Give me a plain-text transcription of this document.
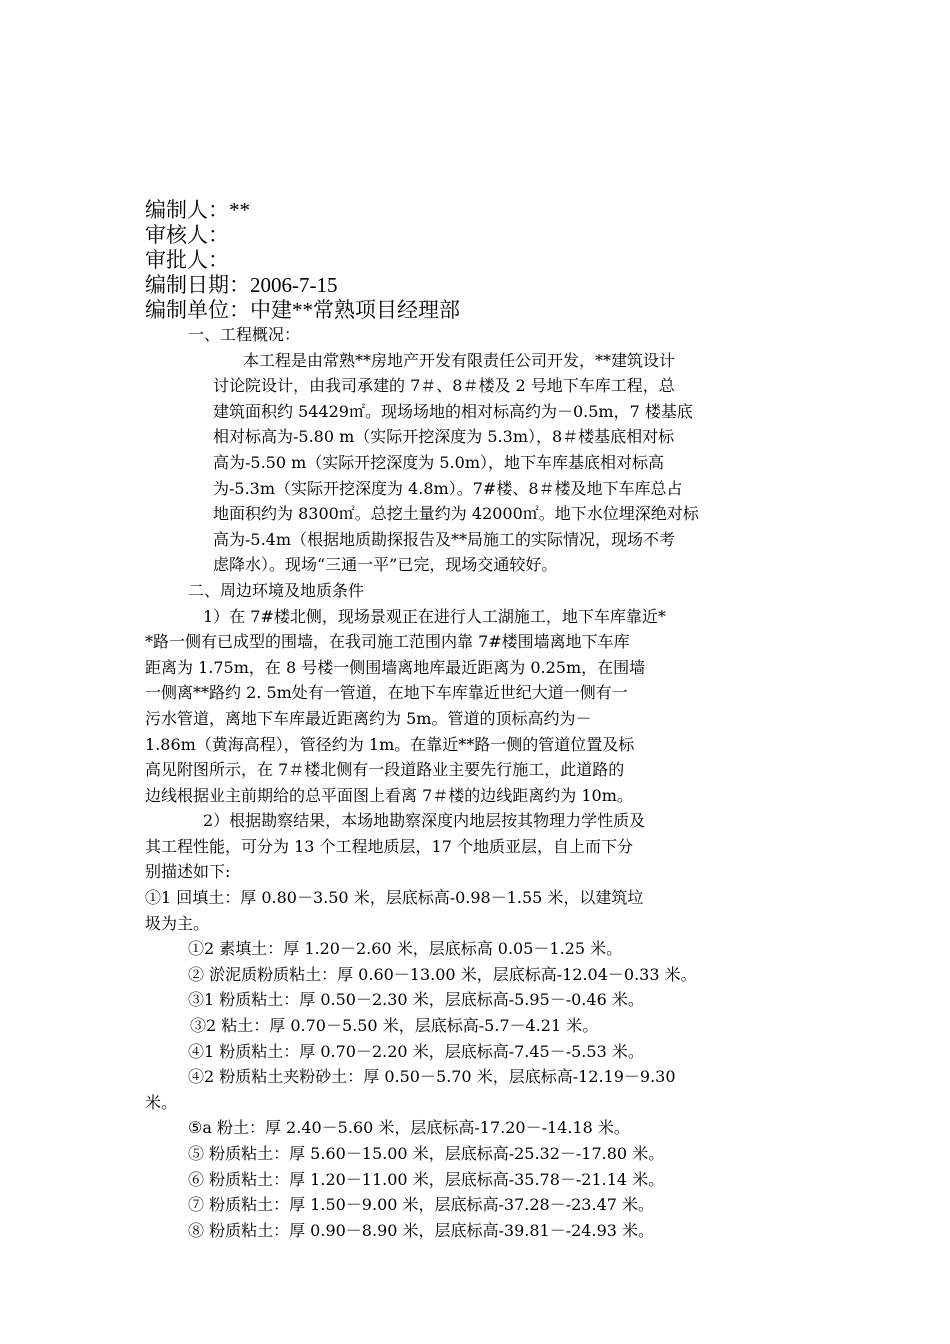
编制人：**
审核人：
审批人：
编制日期：2006-7-15
编制单位：中建**常熟项目经理部
一、工程概况：
本工程是由常熟**房地产开发有限责任公司开发，**建筑设计
讨论院设计，由我司承建的 7＃、8＃楼及 2 号地下车库工程，总
建筑面积约 54429㎡。现场场地的相对标高约为－0.5m，7 楼基底
相对标高为-5.80 m（实际开挖深度为 5.3m），8＃楼基底相对标
高为-5.50 m（实际开挖深度为 5.0m），地下车库基底相对标高
为-5.3m（实际开挖深度为 4.8m）。7#楼、8＃楼及地下车库总占
地面积约为 8300㎡。总挖土量约为 42000㎡。地下水位埋深绝对标
高为-5.4m（根据地质勘探报告及**局施工的实际情况，现场不考
虑降水）。现场“三通一平”已完，现场交通较好。
二、周边环境及地质条件
1）在 7#楼北侧，现场景观正在进行人工湖施工，地下车库靠近*
*路一侧有已成型的围墙，在我司施工范围内靠 7#楼围墙离地下车库
距离为 1.75m，在 8 号楼一侧围墙离地库最近距离为 0.25m，在围墙
一侧离**路约 2. 5m处有一管道，在地下车库靠近世纪大道一侧有一
污水管道，离地下车库最近距离约为 5m。管道的顶标高约为－
1.86m（黄海高程），管径约为 1m。在靠近**路一侧的管道位置及标
高见附图所示，在 7＃楼北侧有一段道路业主要先行施工，此道路的
边线根据业主前期给的总平面图上看离 7＃楼的边线距离约为 10m。
2）根据勘察结果，本场地勘察深度内地层按其物理力学性质及
其工程性能，可分为 13 个工程地质层，17 个地质亚层，自上而下分
别描述如下:
①1 回填土：厚 0.80－3.50 米，层底标高-0.98－1.55 米，以建筑垃
圾为主。
①2 素填土：厚 1.20－2.60 米，层底标高 0.05－1.25 米。
② 淤泥质粉质粘土：厚 0.60－13.00 米，层底标高-12.04－0.33 米。
③1 粉质粘土：厚 0.50－2.30 米，层底标高-5.95－-0.46 米。
③2 粘土：厚 0.70－5.50 米，层底标高-5.7－4.21 米。
④1 粉质粘土：厚 0.70－2.20 米，层底标高-7.45－-5.53 米。
④2 粉质粘土夹粉砂土：厚 0.50－5.70 米，层底标高-12.19－9.30
米。
⑤a 粉土：厚 2.40－5.60 米，层底标高-17.20－-14.18 米。
⑤ 粉质粘土：厚 5.60－15.00 米，层底标高-25.32－-17.80 米。
⑥ 粉质粘土：厚 1.20－11.00 米，层底标高-35.78－-21.14 米。
⑦ 粉质粘土：厚 1.50－9.00 米，层底标高-37.28－-23.47 米。
⑧ 粉质粘土：厚 0.90－8.90 米，层底标高-39.81－-24.93 米。
